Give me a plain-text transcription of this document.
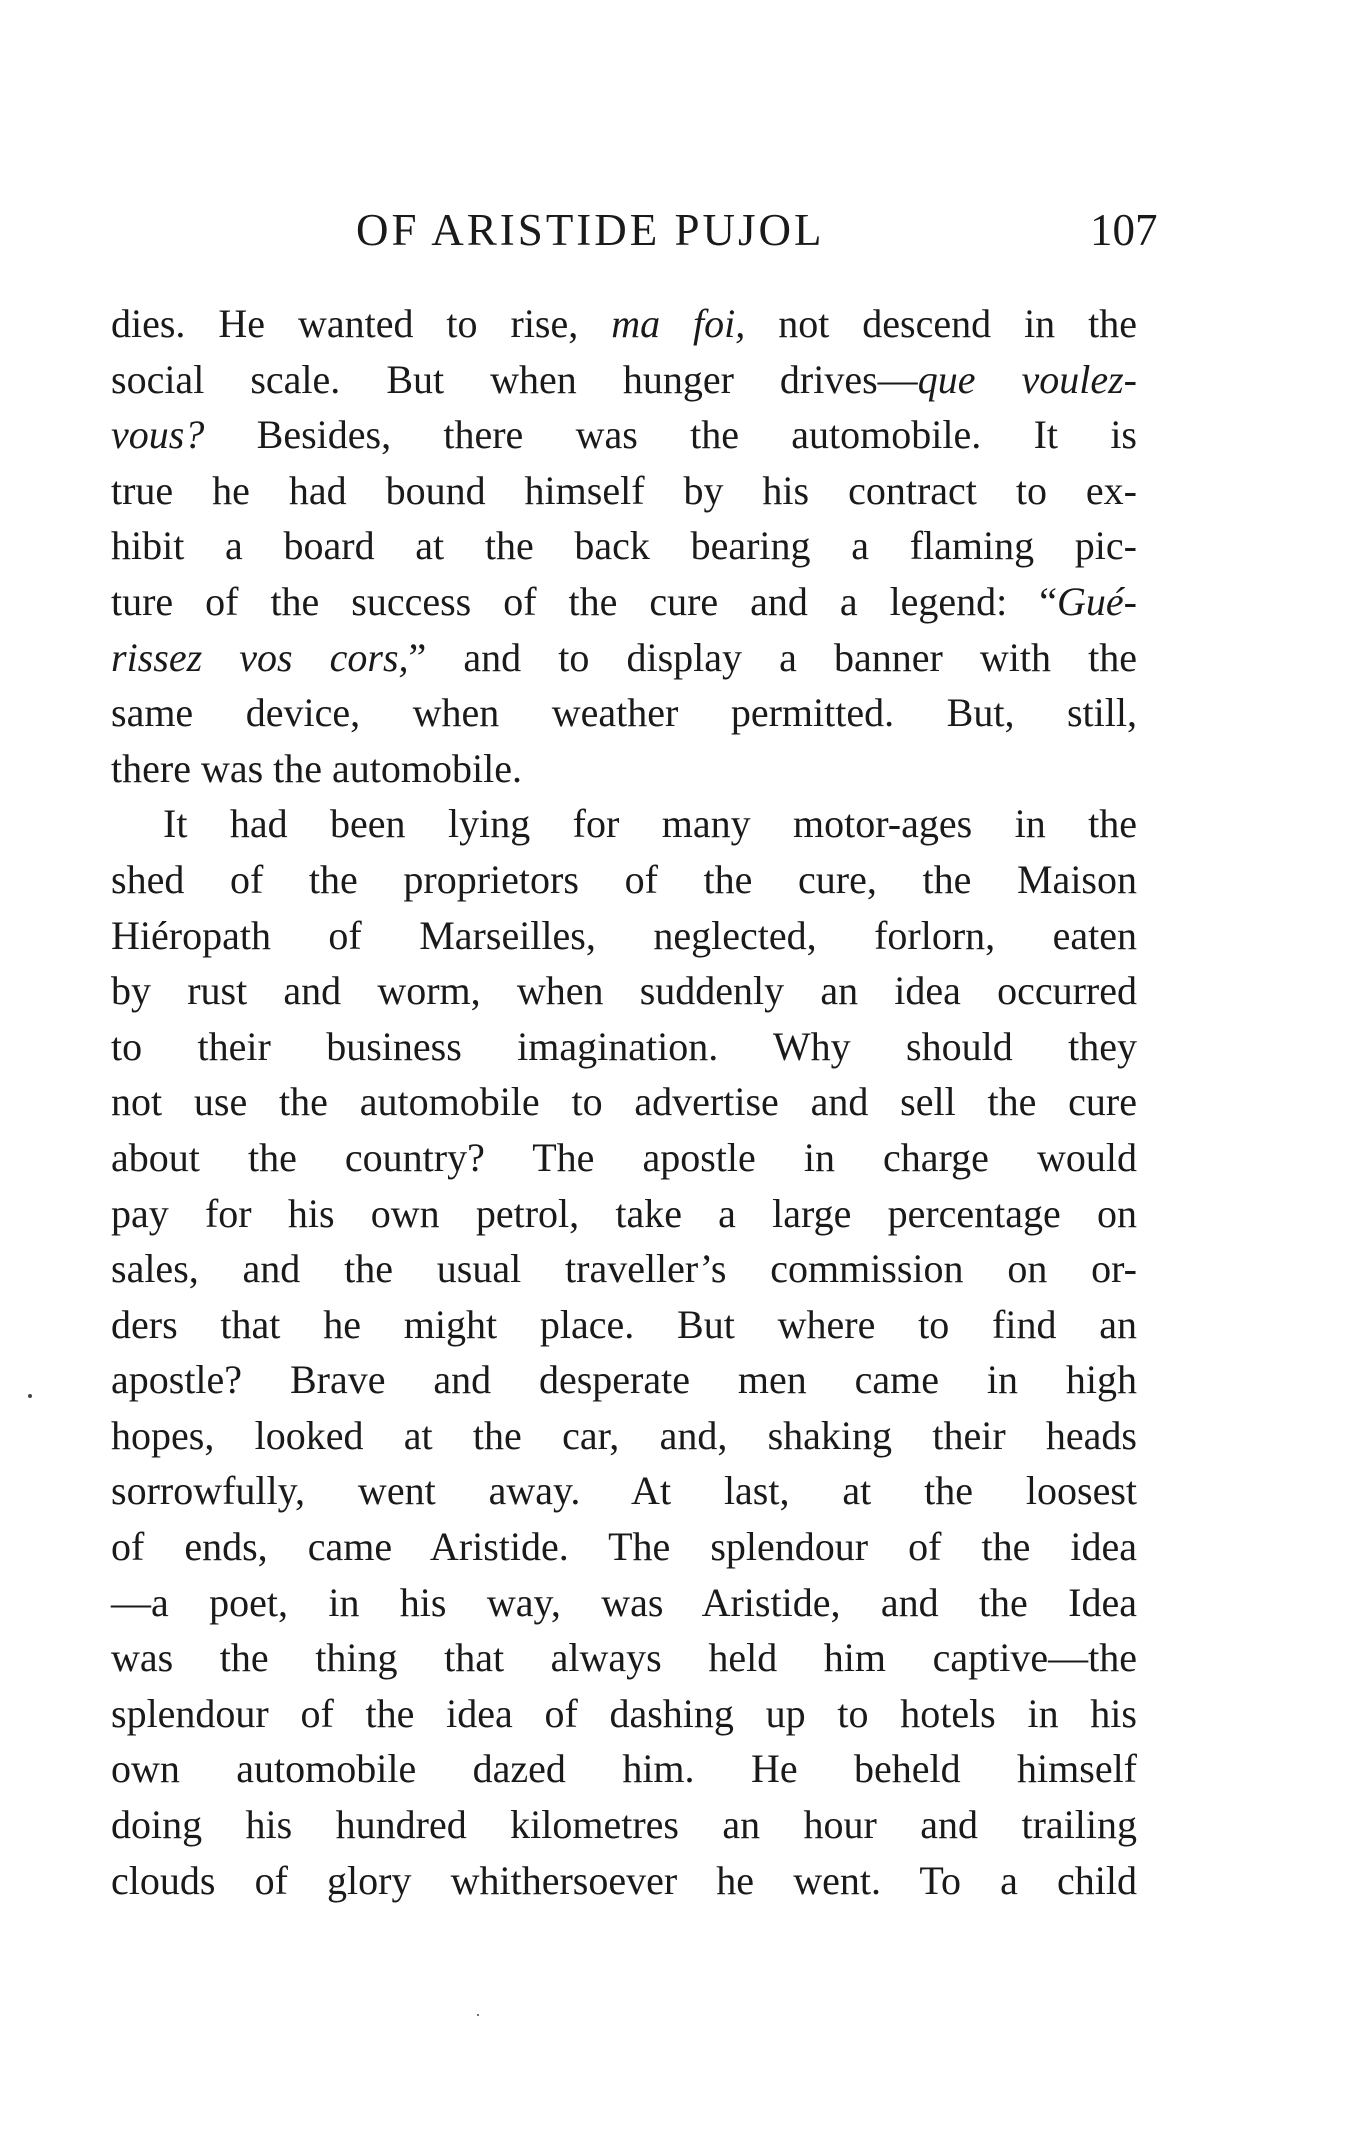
OF ARISTIDE PUJOL	107
dies. He wanted to rise, ma foi, not descend in the
social scale. But when hunger drives—que voulez-
vous? Besides, there was the automobile. It is
true he had bound himself by his contract to ex-
hibit a board at the back bearing a flaming pic-
ture of the success of the cure and a legend: “Gué-
rissez vos cors,” and to display a banner with the
same device, when weather permitted. But, still,
there was the automobile.
It had been lying for many motor-ages in the
shed of the proprietors of the cure, the Maison
Hiéropath of Marseilles, neglected, forlorn, eaten
by rust and worm, when suddenly an idea occurred
to their business imagination. Why should they
not use the automobile to advertise and sell the cure
about the country? The apostle in charge would
pay for his own petrol, take a large percentage on
sales, and the usual traveller’s commission on or-
ders that he might place. But where to find an
apostle? Brave and desperate men came in high
hopes, looked at the car, and, shaking their heads
sorrowfully, went away. At last, at the loosest
of ends, came Aristide. The splendour of the idea
—a poet, in his way, was Aristide, and the Idea
was the thing that always held him captive—the
splendour of the idea of dashing up to hotels in his
own automobile dazed him. He beheld himself
doing his hundred kilometres an hour and trailing
clouds of glory whithersoever he went. To a child
